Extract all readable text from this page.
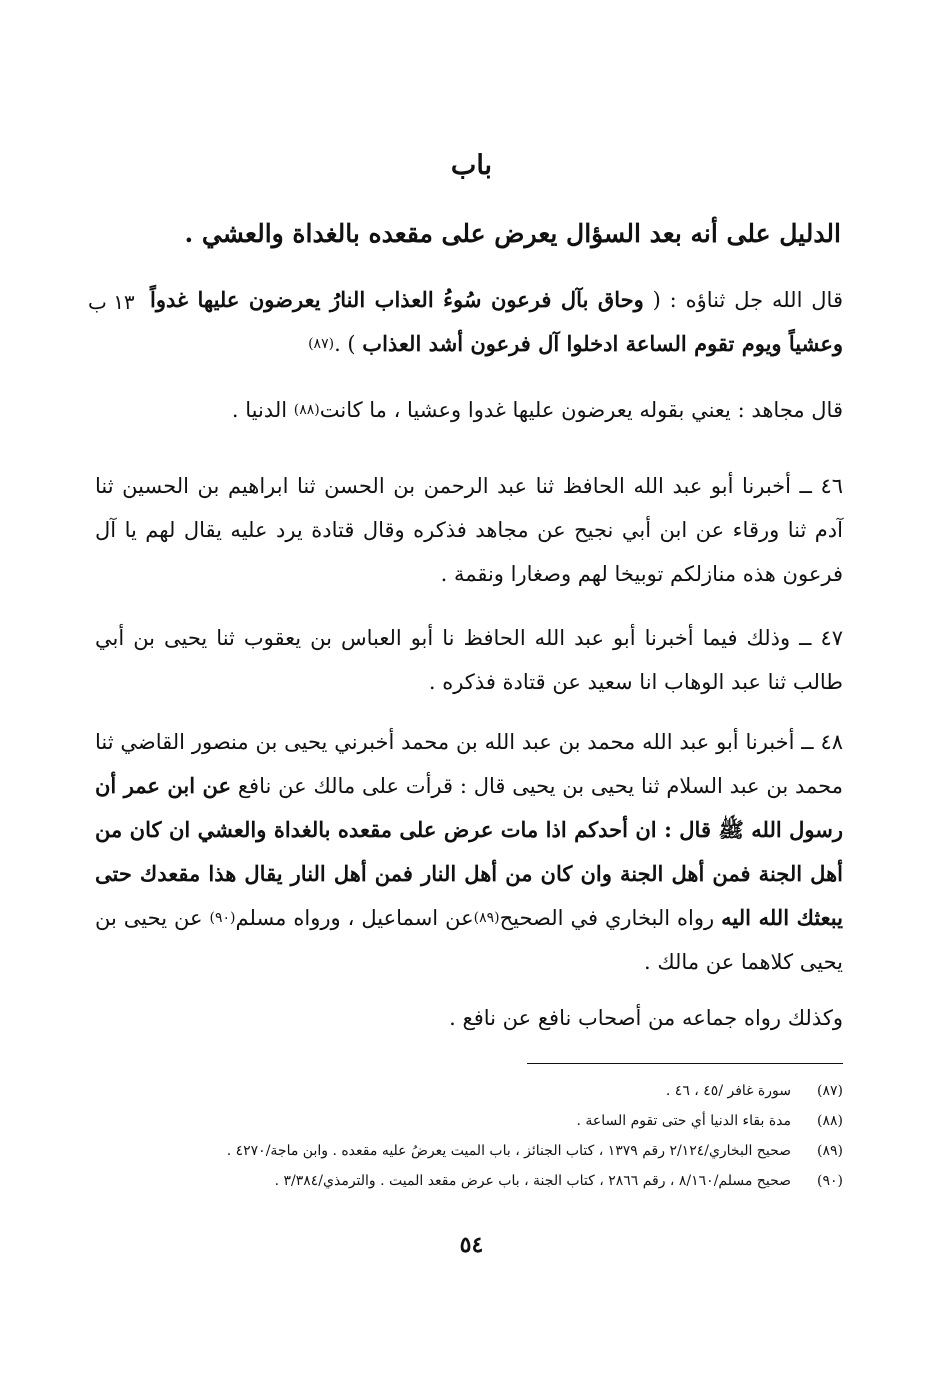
باب
الدليل على أنه بعد السؤال يعرض على مقعده بالغداة والعشي .
١٣ ب	قال الله جل ثناؤه : ( وحاق بآل فرعون سُوءُ العذاب النارُ يعرضون عليها غدواً وعشياً ويوم تقوم الساعة ادخلوا آل فرعون أشد العذاب ) .(٨٧)
قال مجاهد : يعني بقوله يعرضون عليها غدوا وعشيا ، ما كانت(٨٨) الدنيا .
٤٦ ــ أخبرنا أبو عبد الله الحافظ ثنا عبد الرحمن بن الحسن ثنا ابراهيم بن الحسين ثنا آدم ثنا ورقاء عن ابن أبي نجيح عن مجاهد فذكره وقال قتادة يرد عليه يقال لهم يا آل فرعون هذه منازلكم توبيخا لهم وصغارا ونقمة .
٤٧ ــ وذلك فيما أخبرنا أبو عبد الله الحافظ نا أبو العباس بن يعقوب ثنا يحيى بن أبي طالب ثنا عبد الوهاب انا سعيد عن قتادة فذكره .
٤٨ ــ أخبرنا أبو عبد الله محمد بن عبد الله بن محمد أخبرني يحيى بن منصور القاضي ثنا محمد بن عبد السلام ثنا يحيى بن يحيى قال : قرأت على مالك عن نافع عن ابن عمر أن رسول الله ﷺ قال : ان أحدكم اذا مات عرض على مقعده بالغداة والعشي ان كان من أهل الجنة فمن أهل الجنة وان كان من أهل النار فمن أهل النار يقال هذا مقعدك حتى يبعثك الله اليه رواه البخاري في الصحيح(٨٩)عن اسماعيل ، ورواه مسلم(٩٠) عن يحيى بن يحيى كلاهما عن مالك .
وكذلك رواه جماعه من أصحاب نافع عن نافع .
(٨٧)
سورة غافر /٤٥ ، ٤٦ .
(٨٨)
مدة بقاء الدنيا أي حتى تقوم الساعة .
(٨٩)
صحيح البخاري/٢/١٢٤ رقم ١٣٧٩ ، كتاب الجنائز ، باب الميت يعرضُ عليه مقعده . وابن ماجة/٤٢٧٠ .
(٩٠)
صحيح مسلم/٨/١٦٠ ، رقم ٢٨٦٦ ، كتاب الجنة ، باب عرض مقعد الميت . والترمذي/٣/٣٨٤ .
٥٤
